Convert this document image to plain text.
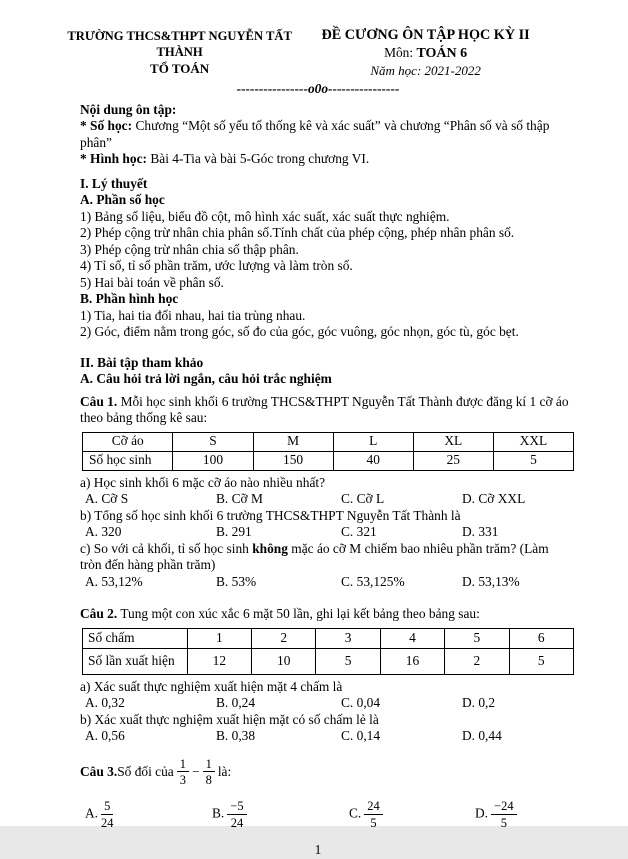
TRƯỜNG THCS&THPT NGUYỄN TẤT THÀNH
TỔ TOÁN
ĐỀ CƯƠNG ÔN TẬP HỌC KỲ II
Môn: TOÁN 6
Năm học: 2021-2022
----------------o0o----------------

Nội dung ôn tập:

* Số học: Chương “Một số yếu tố thống kê và xác suất” và chương “Phân số và số thập phân”

* Hình học: Bài 4-Tia và bài 5-Góc trong chương VI.

I. Lý thuyết

A. Phần số học

1) Bảng số liệu, biểu đồ cột, mô hình xác suất, xác suất thực nghiệm.

2) Phép cộng trừ nhân chia phân số.Tính chất của phép cộng, phép nhân phân số.

3) Phép cộng trừ nhân chia số thập phân.

4) Tỉ số, tỉ số phần trăm, ước lượng và làm tròn số.

5) Hai bài toán về phân số.

B. Phần hình học

1) Tia, hai tia đối nhau, hai tia trùng nhau.

2) Góc, điểm nằm trong góc, số đo của góc, góc vuông, góc nhọn, góc tù, góc bẹt.

II. Bài tập tham khảo

A. Câu hỏi trả lời ngắn, câu hỏi trắc nghiệm

Câu 1. Mỗi học sinh khối 6 trường THCS&THPT Nguyễn Tất Thành được đăng kí 1 cỡ áo theo bảng thống kê sau:

Cỡ áo	S	M	L	XL	XXL
Số học sinh	100	150	40	25	5

a) Học sinh khối 6 mặc cỡ áo nào nhiều nhất?

A. Cỡ S	B. Cỡ M	C. Cỡ L	D. Cỡ XXL

b) Tổng số học sinh khối 6 trường THCS&THPT Nguyễn Tất Thành là

A. 320	B. 291	C. 321	D. 331

c) So với cả khối, tỉ số học sinh không mặc áo cỡ M chiếm bao nhiêu phần trăm? (Làm tròn đến hàng phần trăm)

A. 53,12%	B. 53%	C. 53,125%	D. 53,13%

Câu 2. Tung một con xúc xắc 6 mặt 50 lần, ghi lại kết bảng theo bảng sau:

Số chấm	1	2	3	4	5	6
Số lần xuất hiện	12	10	5	16	2	5

a) Xác suất thực nghiệm xuất hiện mặt 4 chấm là

A. 0,32	B. 0,24	C. 0,04	D. 0,2

b) Xác xuất thực nghiệm xuất hiện mặt có số chấm lẻ là

A. 0,56	B. 0,38	C. 0,14	D. 0,44
Câu 3. Số đối của $\frac{1}{3} - \frac{1}{8}$ là:
A. $\frac{5}{24}$	B. $\frac{-5}{24}$	C. $\frac{24}{5}$	D. $\frac{-24}{5}$
1
